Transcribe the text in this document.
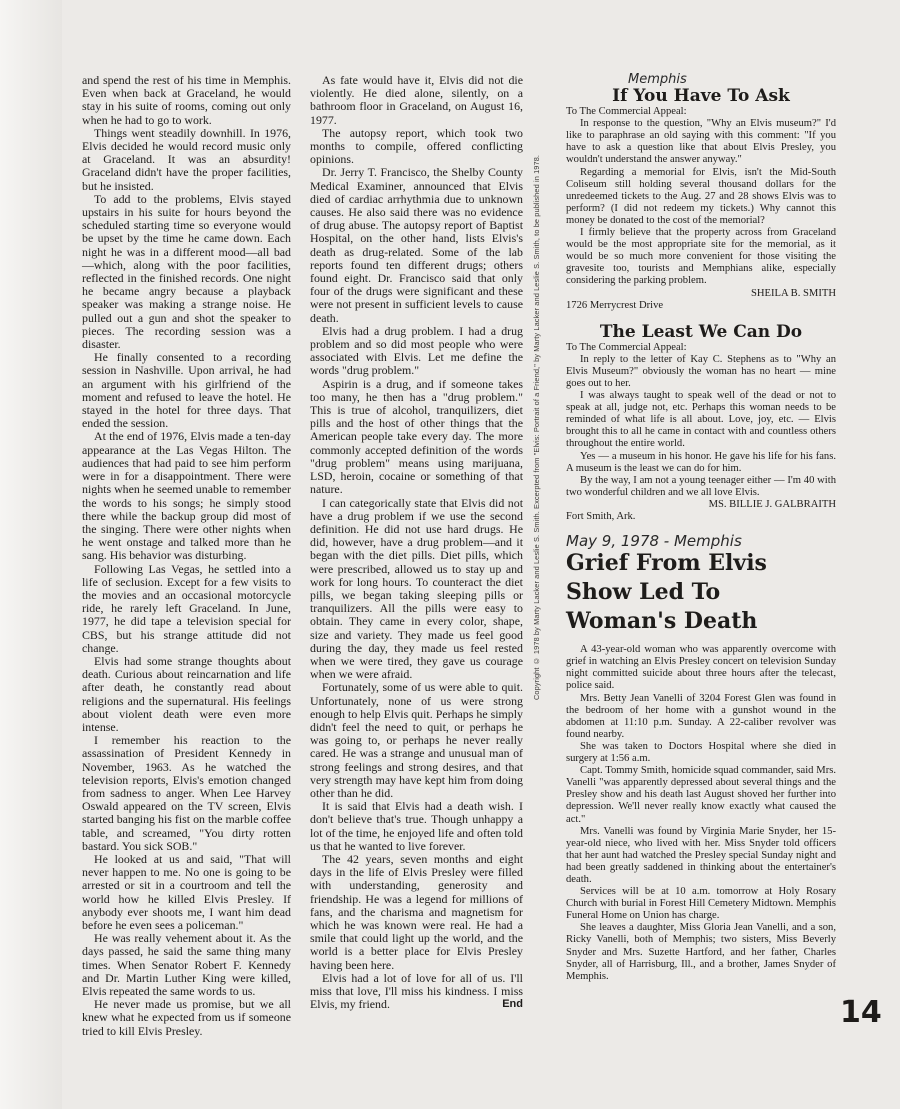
and spend the rest of his time in Memphis. Even when back at Graceland, he would stay in his suite of rooms, coming out only when he had to go to work.

Things went steadily downhill. In 1976, Elvis decided he would record music only at Graceland. It was an absurdity! Graceland didn't have the proper facilities, but he insisted.

To add to the problems, Elvis stayed upstairs in his suite for hours beyond the scheduled starting time so everyone would be upset by the time he came down. Each night he was in a different mood—all bad—which, along with the poor facilities, reflected in the finished records. One night he became angry because a playback speaker was making a strange noise. He pulled out a gun and shot the speaker to pieces. The recording session was a disaster.

He finally consented to a recording session in Nashville. Upon arrival, he had an argument with his girlfriend of the moment and refused to leave the hotel. He stayed in the hotel for three days. That ended the session.

At the end of 1976, Elvis made a ten-day appearance at the Las Vegas Hilton. The audiences that had paid to see him perform were in for a disappointment. There were nights when he seemed unable to remember the words to his songs; he simply stood there while the backup group did most of the singing. There were other nights when he went onstage and talked more than he sang. His behavior was disturbing.

Following Las Vegas, he settled into a life of seclusion. Except for a few visits to the movies and an occasional motorcycle ride, he rarely left Graceland. In June, 1977, he did tape a television special for CBS, but his strange attitude did not change.

Elvis had some strange thoughts about death. Curious about reincarnation and life after death, he constantly read about religions and the supernatural. His feelings about violent death were even more intense.

I remember his reaction to the assassination of President Kennedy in November, 1963. As he watched the television reports, Elvis's emotion changed from sadness to anger. When Lee Harvey Oswald appeared on the TV screen, Elvis started banging his fist on the marble coffee table, and screamed, "You dirty rotten bastard. You sick SOB."

He looked at us and said, "That will never happen to me. No one is going to be arrested or sit in a courtroom and tell the world how he killed Elvis Presley. If anybody ever shoots me, I want him dead before he even sees a policeman."

He was really vehement about it. As the days passed, he said the same thing many times. When Senator Robert F. Kennedy and Dr. Martin Luther King were killed, Elvis repeated the same words to us.

He never made us promise, but we all knew what he expected from us if someone tried to kill Elvis Presley.

As fate would have it, Elvis did not die violently. He died alone, silently, on a bathroom floor in Graceland, on August 16, 1977.

The autopsy report, which took two months to compile, offered conflicting opinions.

Dr. Jerry T. Francisco, the Shelby County Medical Examiner, announced that Elvis died of cardiac arrhythmia due to unknown causes. He also said there was no evidence of drug abuse. The autopsy report of Baptist Hospital, on the other hand, lists Elvis's death as drug-related. Some of the lab reports found ten different drugs; others found eight. Dr. Francisco said that only four of the drugs were significant and these were not present in sufficient levels to cause death.

Elvis had a drug problem. I had a drug problem and so did most people who were associated with Elvis. Let me define the words "drug problem."

Aspirin is a drug, and if someone takes too many, he then has a "drug problem." This is true of alcohol, tranquilizers, diet pills and the host of other things that the American people take every day. The more commonly accepted definition of the words "drug problem" means using marijuana, LSD, heroin, cocaine or something of that nature.

I can categorically state that Elvis did not have a drug problem if we use the second definition. He did not use hard drugs. He did, however, have a drug problem—and it began with the diet pills. Diet pills, which were prescribed, allowed us to stay up and work for long hours. To counteract the diet pills, we began taking sleeping pills or tranquilizers. All the pills were easy to obtain. They came in every color, shape, size and variety. They made us feel good during the day, they made us feel rested when we were tired, they gave us courage when we were afraid.

Fortunately, some of us were able to quit. Unfortunately, none of us were strong enough to help Elvis quit. Perhaps he simply didn't feel the need to quit, or perhaps he was going to, or perhaps he never really cared. He was a strange and unusual man of strong feelings and strong desires, and that very strength may have kept him from doing other than he did.

It is said that Elvis had a death wish. I don't believe that's true. Though unhappy a lot of the time, he enjoyed life and often told us that he wanted to live forever.

The 42 years, seven months and eight days in the life of Elvis Presley were filled with understanding, generosity and friendship. He was a legend for millions of fans, and the charisma and magnetism for which he was known were real. He had a smile that could light up the world, and the world is a better place for Elvis Presley having been here.

Elvis had a lot of love for all of us. I'll miss that love, I'll miss his kindness. I miss Elvis, my friend.	End

Copyright © 1978 by Marty Lacker and Leslie S. Smith. Excerpted from "Elvis: Portrait of a Friend," by Marty Lacker and Leslie S. Smith, to be published in 1978.
Memphis
If You Have To Ask

To The Commercial Appeal:

In response to the question, "Why an Elvis museum?" I'd like to paraphrase an old saying with this comment: "If you have to ask a question like that about Elvis Presley, you wouldn't understand the answer anyway."

Regarding a memorial for Elvis, isn't the Mid-South Coliseum still holding several thousand dollars for the unredeemed tickets to the Aug. 27 and 28 shows Elvis was to perform? (I did not redeem my tickets.) Why cannot this money be donated to the cost of the memorial?

I firmly believe that the property across from Graceland would be the most appropriate site for the memorial, as it would be so much more convenient for those visiting the gravesite too, tourists and Memphians alike, especially considering the parking problem.

SHEILA B. SMITH

1726 Merrycrest Drive

The Least We Can Do

To The Commercial Appeal:

In reply to the letter of Kay C. Stephens as to "Why an Elvis Museum?" obviously the woman has no heart — mine goes out to her.

I was always taught to speak well of the dead or not to speak at all, judge not, etc. Perhaps this woman needs to be reminded of what life is all about. Love, joy, etc. — Elvis brought this to all he came in contact with and countless others throughout the entire world.

Yes — a museum in his honor. He gave his life for his fans. A museum is the least we can do for him.

By the way, I am not a young teenager either — I'm 40 with two wonderful children and we all love Elvis.

MS. BILLIE J. GALBRAITH

Fort Smith, Ark.

May 9, 1978 - Memphis
Grief From Elvis Show Led To Woman's Death

A 43-year-old woman who was apparently overcome with grief in watching an Elvis Presley concert on television Sunday night committed suicide about three hours after the telecast, police said.

Mrs. Betty Jean Vanelli of 3204 Forest Glen was found in the bedroom of her home with a gunshot wound in the abdomen at 11:10 p.m. Sunday. A 22-caliber revolver was found nearby.

She was taken to Doctors Hospital where she died in surgery at 1:56 a.m.

Capt. Tommy Smith, homicide squad commander, said Mrs. Vanelli "was apparently depressed about several things and the Presley show and his death last August shoved her further into depression. We'll never really know exactly what caused the act."

Mrs. Vanelli was found by Virginia Marie Snyder, her 15-year-old niece, who lived with her. Miss Snyder told officers that her aunt had watched the Presley special Sunday night and had been greatly saddened in thinking about the entertainer's death.

Services will be at 10 a.m. tomorrow at Holy Rosary Church with burial in Forest Hill Cemetery Midtown. Memphis Funeral Home on Union has charge.

She leaves a daughter, Miss Gloria Jean Vanelli, and a son, Ricky Vanelli, both of Memphis; two sisters, Miss Beverly Snyder and Mrs. Suzette Hartford, and her father, Charles Snyder, all of Harrisburg, Ill., and a brother, James Snyder of Memphis.

14
